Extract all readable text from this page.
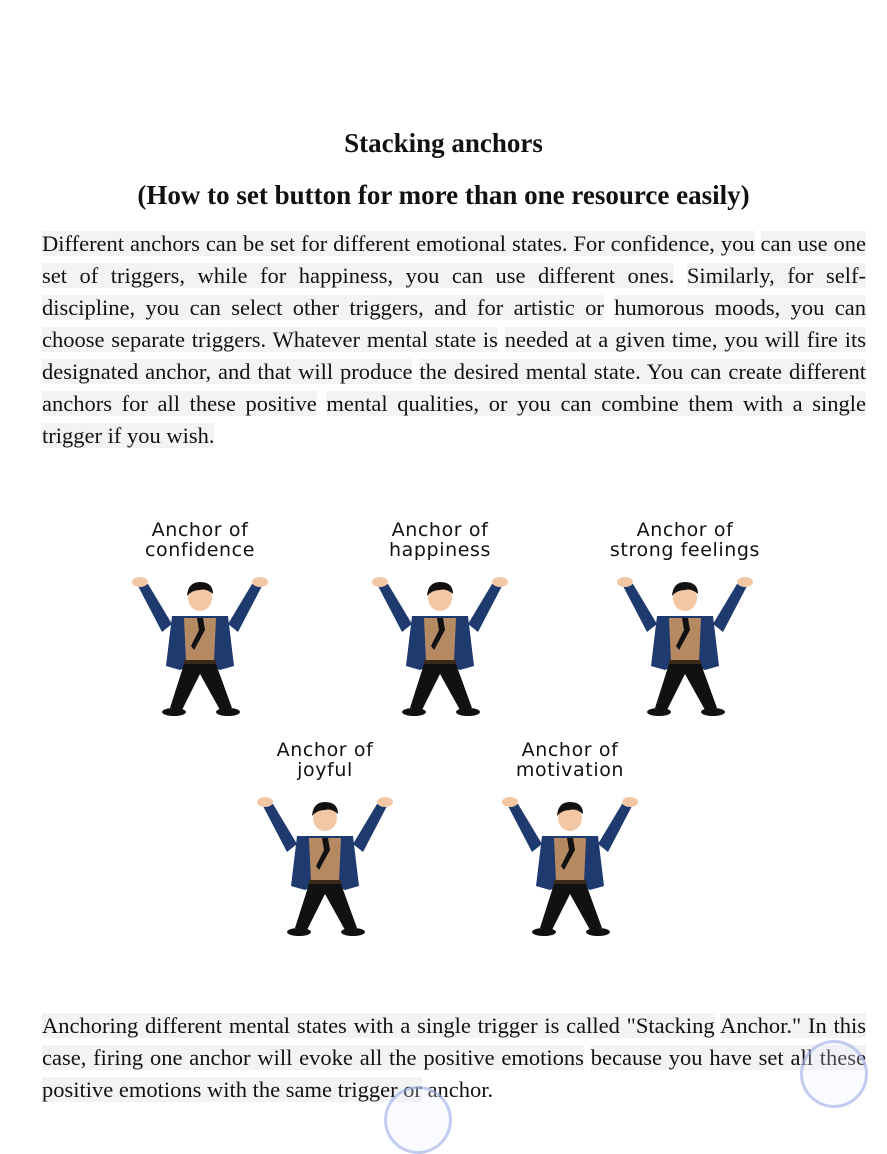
Stacking anchors
(How to set button for more than one resource easily)

Different anchors can be set for different emotional states. For confidence, you can use one set of triggers, while for happiness, you can use different ones. Similarly, for self-discipline, you can select other triggers, and for artistic or humorous moods, you can choose separate triggers. Whatever mental state is needed at a given time, you will fire its designated anchor, and that will produce the desired mental state. You can create different anchors for all these positive mental qualities, or you can combine them with a single trigger if you wish.

Anchor of
confidence

Anchor of
happiness

Anchor of
strong feelings

Anchor of
joyful

Anchor of
motivation

Anchoring different mental states with a single trigger is called "Stacking Anchor." In this case, firing one anchor will evoke all the positive emotions because you have set all these positive emotions with the same trigger or anchor.
